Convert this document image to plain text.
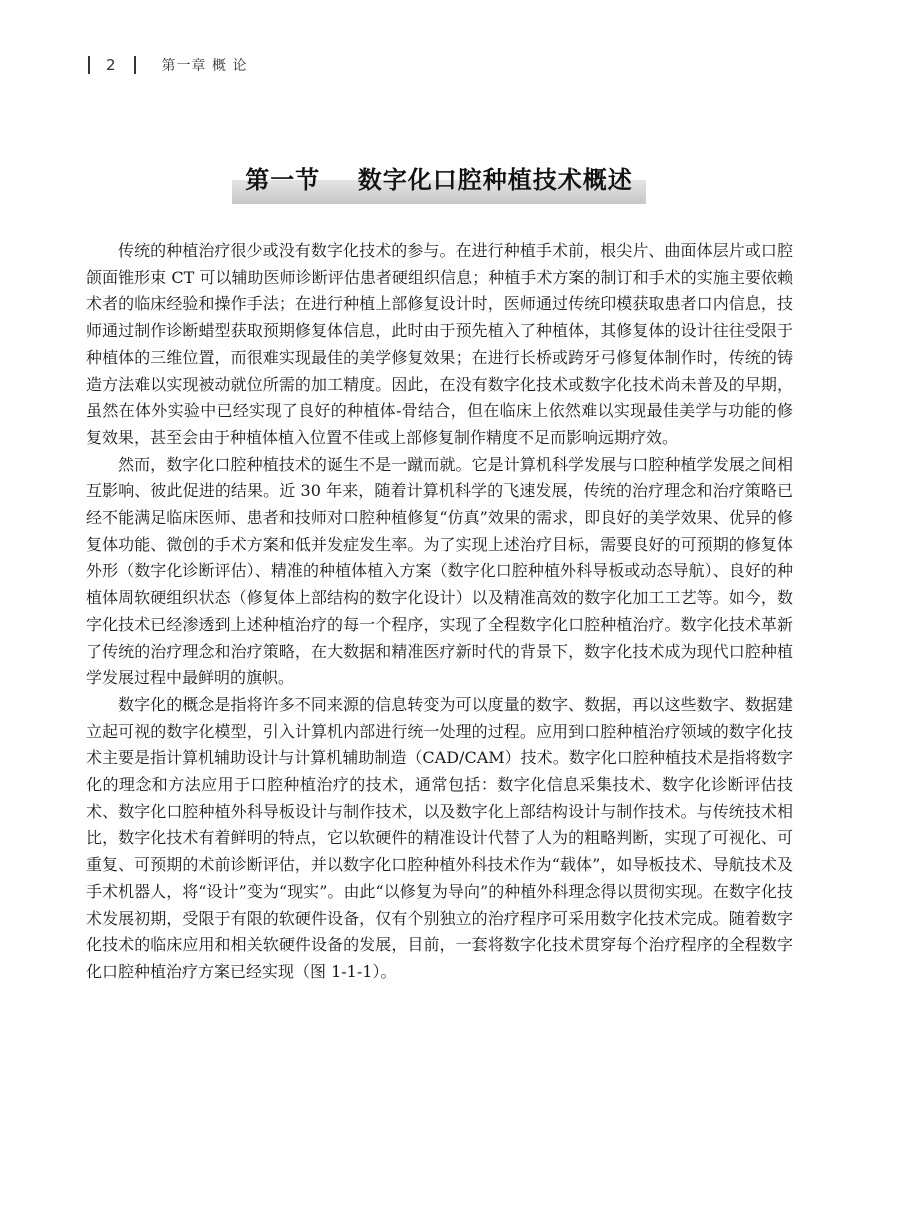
2	第一章 概 论
第一节    数字化口腔种植技术概述

传统的种植治疗很少或没有数字化技术的参与。在进行种植手术前，根尖片、曲面体层片或口腔颌面锥形束 CT 可以辅助医师诊断评估患者硬组织信息；种植手术方案的制订和手术的实施主要依赖术者的临床经验和操作手法；在进行种植上部修复设计时，医师通过传统印模获取患者口内信息，技师通过制作诊断蜡型获取预期修复体信息，此时由于预先植入了种植体，其修复体的设计往往受限于种植体的三维位置，而很难实现最佳的美学修复效果；在进行长桥或跨牙弓修复体制作时，传统的铸造方法难以实现被动就位所需的加工精度。因此，在没有数字化技术或数字化技术尚未普及的早期，虽然在体外实验中已经实现了良好的种植体-骨结合，但在临床上依然难以实现最佳美学与功能的修复效果，甚至会由于种植体植入位置不佳或上部修复制作精度不足而影响远期疗效。

然而，数字化口腔种植技术的诞生不是一蹴而就。它是计算机科学发展与口腔种植学发展之间相互影响、彼此促进的结果。近 30 年来，随着计算机科学的飞速发展，传统的治疗理念和治疗策略已经不能满足临床医师、患者和技师对口腔种植修复“仿真”效果的需求，即良好的美学效果、优异的修复体功能、微创的手术方案和低并发症发生率。为了实现上述治疗目标，需要良好的可预期的修复体外形（数字化诊断评估）、精准的种植体植入方案（数字化口腔种植外科导板或动态导航）、良好的种植体周软硬组织状态（修复体上部结构的数字化设计）以及精准高效的数字化加工工艺等。如今，数字化技术已经渗透到上述种植治疗的每一个程序，实现了全程数字化口腔种植治疗。数字化技术革新了传统的治疗理念和治疗策略，在大数据和精准医疗新时代的背景下，数字化技术成为现代口腔种植学发展过程中最鲜明的旗帜。

数字化的概念是指将许多不同来源的信息转变为可以度量的数字、数据，再以这些数字、数据建立起可视的数字化模型，引入计算机内部进行统一处理的过程。应用到口腔种植治疗领域的数字化技术主要是指计算机辅助设计与计算机辅助制造（CAD/CAM）技术。数字化口腔种植技术是指将数字化的理念和方法应用于口腔种植治疗的技术，通常包括：数字化信息采集技术、数字化诊断评估技术、数字化口腔种植外科导板设计与制作技术，以及数字化上部结构设计与制作技术。与传统技术相比，数字化技术有着鲜明的特点，它以软硬件的精准设计代替了人为的粗略判断，实现了可视化、可重复、可预期的术前诊断评估，并以数字化口腔种植外科技术作为“载体”，如导板技术、导航技术及手术机器人，将“设计”变为“现实”。由此“以修复为导向”的种植外科理念得以贯彻实现。在数字化技术发展初期，受限于有限的软硬件设备，仅有个别独立的治疗程序可采用数字化技术完成。随着数字化技术的临床应用和相关软硬件设备的发展，目前，一套将数字化技术贯穿每个治疗程序的全程数字化口腔种植治疗方案已经实现（图 1-1-1）。
